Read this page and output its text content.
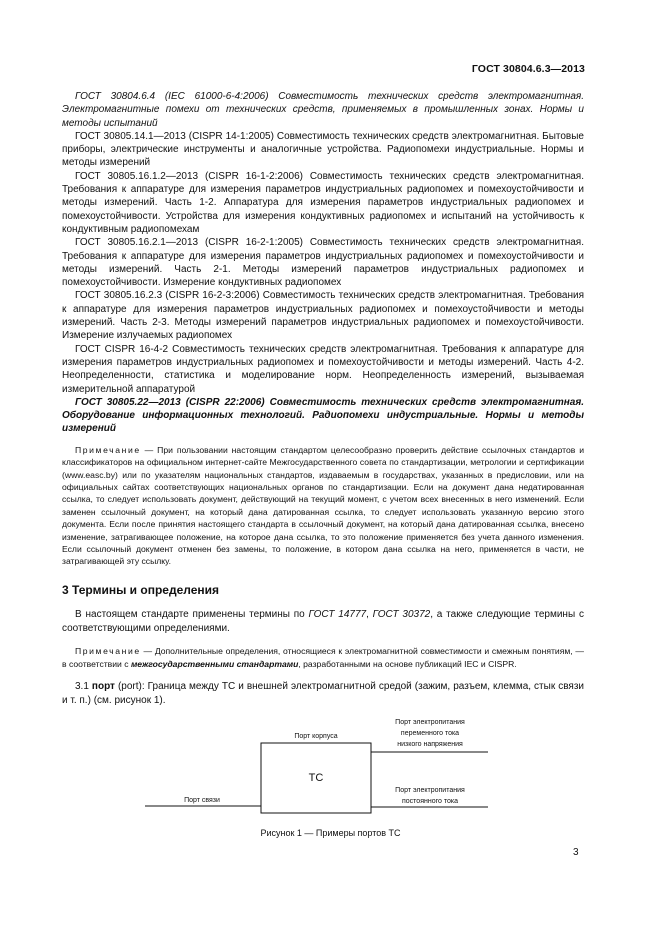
ГОСТ 30804.6.3—2013

ГОСТ 30804.6.4 (IEC 61000-6-4:2006) Совместимость технических средств электромагнитная. Электромагнитные помехи от технических средств, применяемых в промышленных зонах. Нормы и методы испытаний

ГОСТ 30805.14.1—2013 (CISPR 14-1:2005) Совместимость технических средств электромагнитная. Бытовые приборы, электрические инструменты и аналогичные устройства. Радиопомехи индустриальные. Нормы и методы измерений

ГОСТ 30805.16.1.2—2013 (CISPR 16-1-2:2006) Совместимость технических средств электромагнитная. Требования к аппаратуре для измерения параметров индустриальных радиопомех и помехоустойчивости и методы измерений. Часть 1-2. Аппаратура для измерения параметров индустриальных радиопомех и помехоустойчивости. Устройства для измерения кондуктивных радиопомех и испытаний на устойчивость к кондуктивным радиопомехам

ГОСТ 30805.16.2.1—2013 (CISPR 16-2-1:2005) Совместимость технических средств электромагнитная. Требования к аппаратуре для измерения параметров индустриальных радиопомех и помехоустойчивости и методы измерений. Часть 2-1. Методы измерений параметров индустриальных радиопомех и помехоустойчивости. Измерение кондуктивных радиопомех

ГОСТ 30805.16.2.3 (CISPR 16-2-3:2006) Совместимость технических средств электромагнитная. Требования к аппаратуре для измерения параметров индустриальных радиопомех и помехоустойчивости и методы измерений. Часть 2-3. Методы измерений параметров индустриальных радиопомех и помехоустойчивости. Измерение излучаемых радиопомех

ГОСТ CISPR 16-4-2 Совместимость технических средств электромагнитная. Требования к аппаратуре для измерения параметров индустриальных радиопомех и помехоустойчивости и методы измерений. Часть 4-2. Неопределенности, статистика и моделирование норм. Неопределенность измерений, вызываемая измерительной аппаратурой

ГОСТ 30805.22—2013 (CISPR 22:2006) Совместимость технических средств электромагнитная. Оборудование информационных технологий. Радиопомехи индустриальные. Нормы и методы измерений

Примечание — При пользовании настоящим стандартом целесообразно проверить действие ссылочных стандартов и классификаторов на официальном интернет-сайте Межгосударственного совета по стандартизации, метрологии и сертификации (www.easc.by) или по указателям национальных стандартов, издаваемым в государствах, указанных в предисловии, или на официальных сайтах соответствующих национальных органов по стандартизации. Если на документ дана недатированная ссылка, то следует использовать документ, действующий на текущий момент, с учетом всех внесенных в него изменений. Если заменен ссылочный документ, на который дана датированная ссылка, то следует использовать указанную версию этого документа. Если после принятия настоящего стандарта в ссылочный документ, на который дана датированная ссылка, внесено изменение, затрагивающее положение, на которое дана ссылка, то это положение применяется без учета данного изменения. Если ссылочный документ отменен без замены, то положение, в котором дана ссылка на него, применяется в части, не затрагивающей эту ссылку.

3 Термины и определения

В настоящем стандарте применены термины по ГОСТ 14777, ГОСТ 30372, а также следующие термины с соответствующими определениями.

Примечание — Дополнительные определения, относящиеся к электромагнитной совместимости и смежным понятиям, — в соответствии с межгосударственными стандартами, разработанными на основе публикаций IEC и CISPR.

3.1 порт (port): Граница между ТС и внешней электромагнитной средой (зажим, разъем, клемма, стык связи и т. п.) (см. рисунок 1).

ТС
Порт корпуса
Порт связи
Порт электропитания
переменного тока
низкого напряжения
Порт электропитания
постоянного тока
Рисунок 1 — Примеры портов ТС
3
